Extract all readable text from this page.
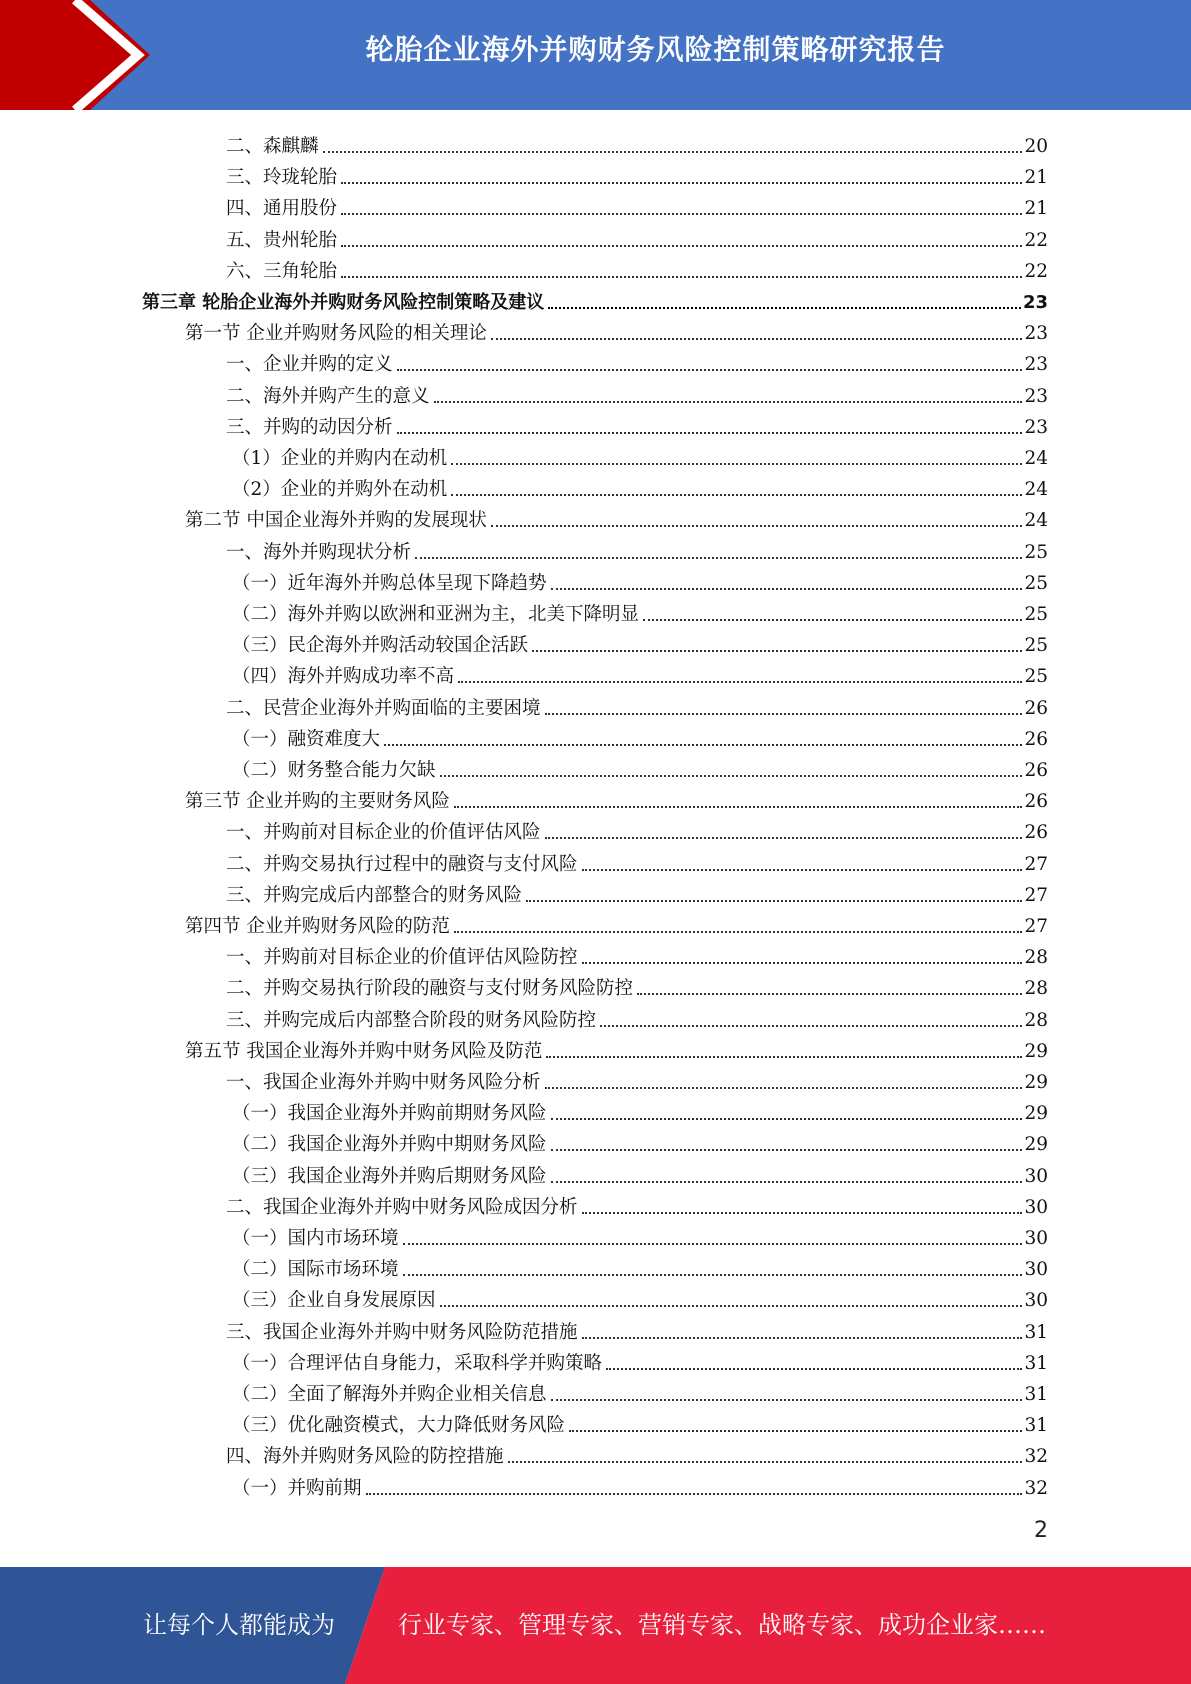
轮胎企业海外并购财务风险控制策略研究报告
二、森麒麟	20
三、玲珑轮胎	21
四、通用股份	21
五、贵州轮胎	22
六、三角轮胎	22
第三章 轮胎企业海外并购财务风险控制策略及建议	23
第一节 企业并购财务风险的相关理论	23
一、企业并购的定义	23
二、海外并购产生的意义	23
三、并购的动因分析	23
（1）企业的并购内在动机	24
（2）企业的并购外在动机	24
第二节 中国企业海外并购的发展现状	24
一、海外并购现状分析	25
（一）近年海外并购总体呈现下降趋势	25
（二）海外并购以欧洲和亚洲为主，北美下降明显	25
（三）民企海外并购活动较国企活跃	25
（四）海外并购成功率不高	25
二、民营企业海外并购面临的主要困境	26
（一）融资难度大	26
（二）财务整合能力欠缺	26
第三节 企业并购的主要财务风险	26
一、并购前对目标企业的价值评估风险	26
二、并购交易执行过程中的融资与支付风险	27
三、并购完成后内部整合的财务风险	27
第四节 企业并购财务风险的防范	27
一、并购前对目标企业的价值评估风险防控	28
二、并购交易执行阶段的融资与支付财务风险防控	28
三、并购完成后内部整合阶段的财务风险防控	28
第五节 我国企业海外并购中财务风险及防范	29
一、我国企业海外并购中财务风险分析	29
（一）我国企业海外并购前期财务风险	29
（二）我国企业海外并购中期财务风险	29
（三）我国企业海外并购后期财务风险	30
二、我国企业海外并购中财务风险成因分析	30
（一）国内市场环境	30
（二）国际市场环境	30
（三）企业自身发展原因	30
三、我国企业海外并购中财务风险防范措施	31
（一）合理评估自身能力，采取科学并购策略	31
（二）全面了解海外并购企业相关信息	31
（三）优化融资模式，大力降低财务风险	31
四、海外并购财务风险的防控措施	32
（一）并购前期	32
2
让每个人都能成为	行业专家、管理专家、营销专家、战略专家、成功企业家……
